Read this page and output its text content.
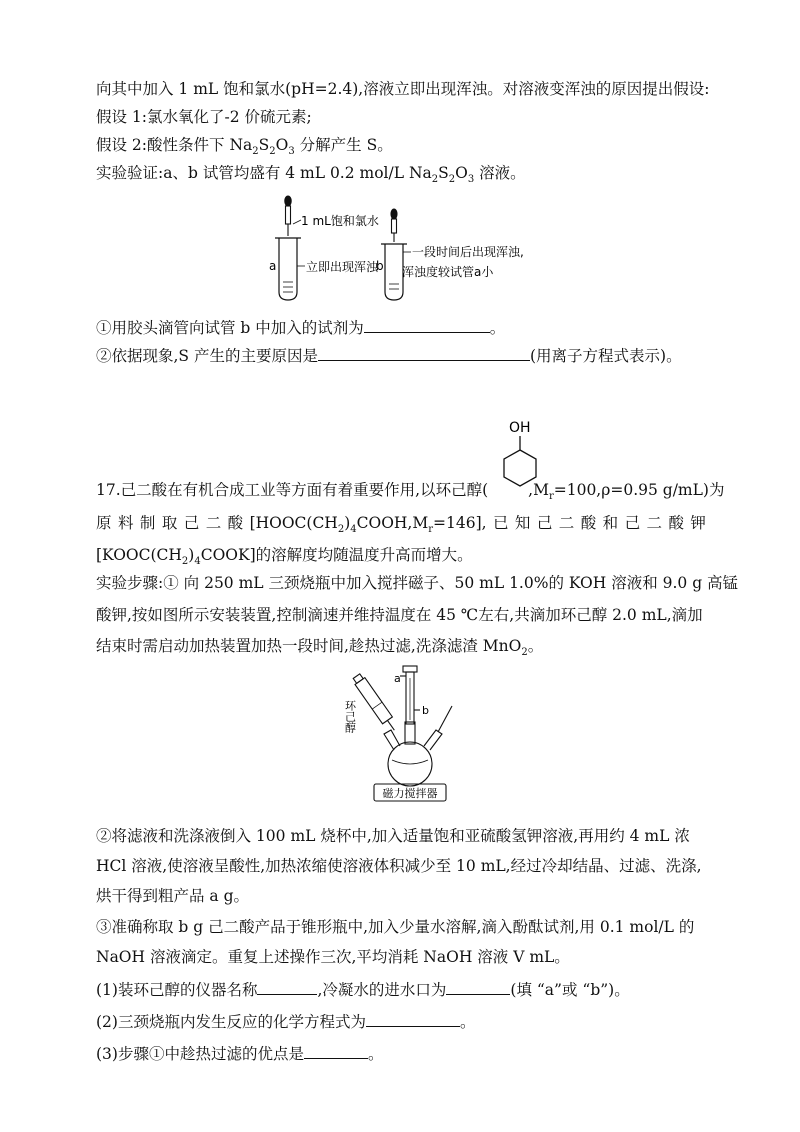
向其中加入 1 mL 饱和氯水(pH=2.4),溶液立即出现浑浊。对溶液变浑浊的原因提出假设:
假设 1:氯水氧化了-2 价硫元素;
假设 2:酸性条件下 $Na_2S_2O_3$ 分解产生 S。
实验验证:a、b 试管均盛有 4 mL 0.2 mol/L $Na_2S_2O_3$ 溶液。
1 mL饱和氯水
a 立即出现浑浊
b
一段时间后出现浑浊,
浑浊度较试管a小
①用胶头滴管向试管 b 中加入的试剂为	。
②依据现象,S 产生的主要原因是	(用离子方程式表示)。
OH
17.己二酸在有机合成工业等方面有着重要作用,以环己醇(	$,M_r=100,\rho=0.95$ g/mL)为
原 料 制 取 己 二 酸 $[HOOC(CH_2)_4COOH,M_r=146]$, 已 知 己 二 酸 和 己 二 酸 钾
$[KOOC(CH_2)_4COOK]$的溶解度均随温度升高而增大。
实验步骤:① 向 250 mL 三颈烧瓶中加入搅拌磁子、50 mL 1.0%的 KOH 溶液和 9.0 g 高锰
酸钾,按如图所示安装装置,控制滴速并维持温度在 45 ℃左右,共滴加环己醇 2.0 mL,滴加
结束时需启动加热装置加热一段时间,趁热过滤,洗涤滤渣 MnO$_2$。
环己醇
a
b
磁力搅拌器
②将滤液和洗涤液倒入 100 mL 烧杯中,加入适量饱和亚硫酸氢钾溶液,再用约 4 mL 浓
HCl 溶液,使溶液呈酸性,加热浓缩使溶液体积减少至 10 mL,经过冷却结晶、过滤、洗涤,
烘干得到粗产品 a g。
③准确称取 b g 己二酸产品于锥形瓶中,加入少量水溶解,滴入酚酞试剂,用 0.1 mol/L 的
NaOH 溶液滴定。重复上述操作三次,平均消耗 NaOH 溶液 V mL。
(1)装环己醇的仪器名称	,冷凝水的进水口为	(填 “a”或 “b”)。
(2)三颈烧瓶内发生反应的化学方程式为	。
(3)步骤①中趁热过滤的优点是	。
